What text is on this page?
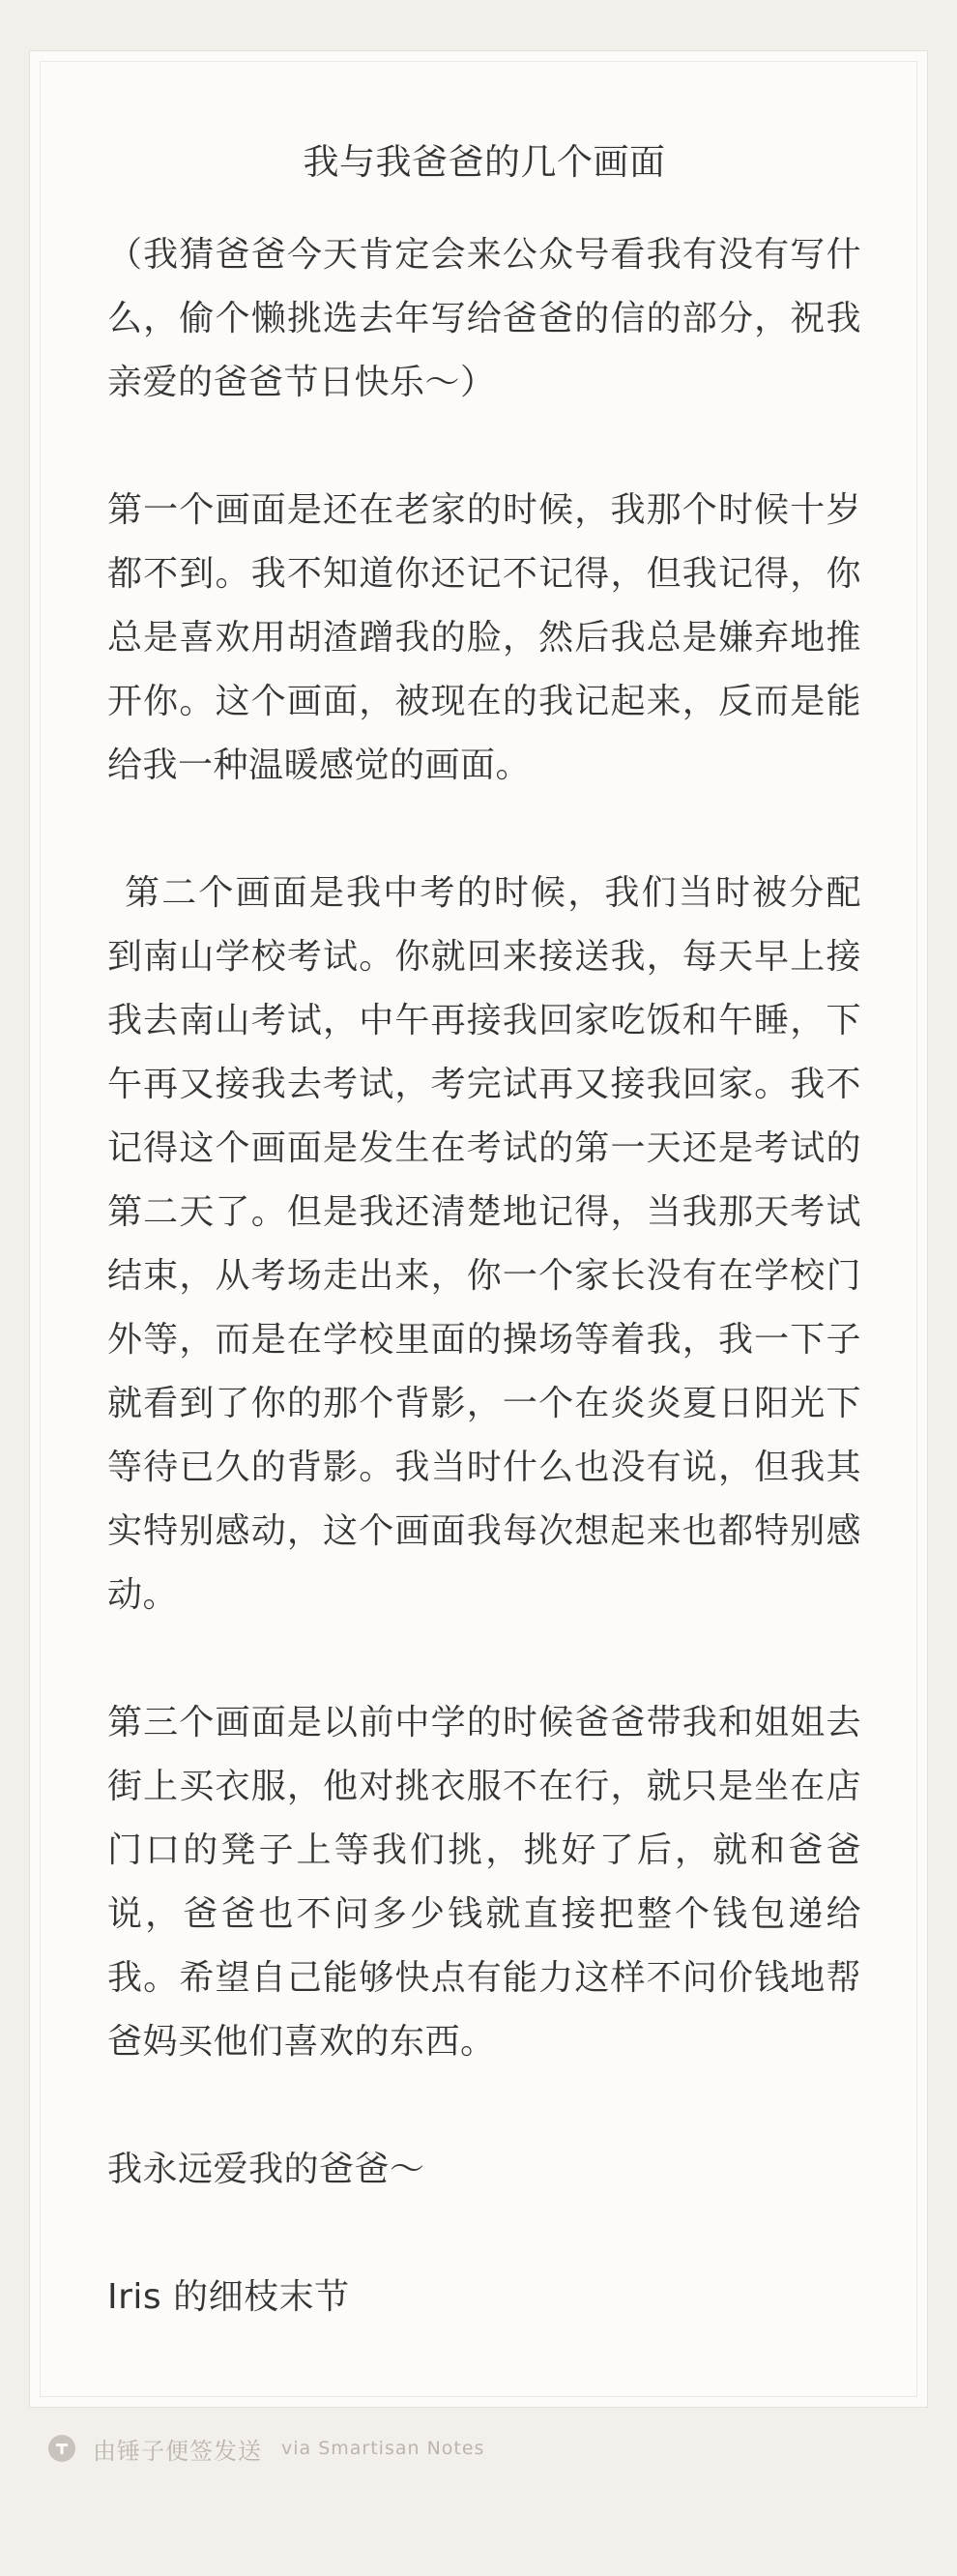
我与我爸爸的几个画面

（我猜爸爸今天肯定会来公众号看我有没有写什么，偷个懒挑选去年写给爸爸的信的部分，祝我亲爱的爸爸节日快乐～）

第一个画面是还在老家的时候，我那个时候十岁都不到。我不知道你还记不记得，但我记得，你总是喜欢用胡渣蹭我的脸，然后我总是嫌弃地推开你。这个画面，被现在的我记起来，反而是能给我一种温暖感觉的画面。

第二个画面是我中考的时候，我们当时被分配到南山学校考试。你就回来接送我，每天早上接我去南山考试，中午再接我回家吃饭和午睡，下午再又接我去考试，考完试再又接我回家。我不记得这个画面是发生在考试的第一天还是考试的第二天了。但是我还清楚地记得，当我那天考试结束，从考场走出来，你一个家长没有在学校门外等，而是在学校里面的操场等着我，我一下子就看到了你的那个背影，一个在炎炎夏日阳光下等待已久的背影。我当时什么也没有说，但我其实特别感动，这个画面我每次想起来也都特别感动。

第三个画面是以前中学的时候爸爸带我和姐姐去街上买衣服，他对挑衣服不在行，就只是坐在店门口的凳子上等我们挑，挑好了后，就和爸爸说，爸爸也不问多少钱就直接把整个钱包递给我。希望自己能够快点有能力这样不问价钱地帮爸妈买他们喜欢的东西。

我永远爱我的爸爸～

Iris 的细枝末节

由锤子便签发送 via Smartisan Notes
